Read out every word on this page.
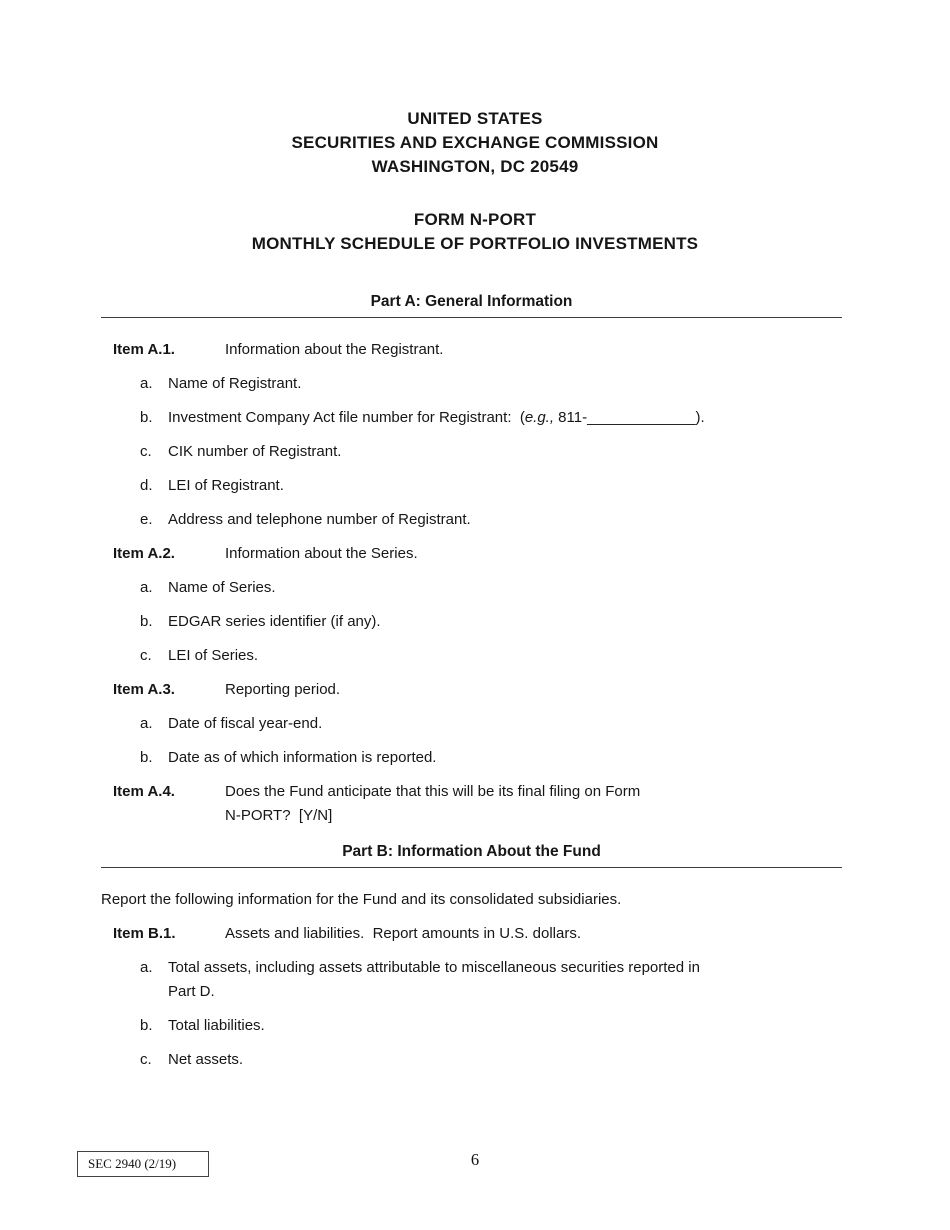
UNITED STATES
SECURITIES AND EXCHANGE COMMISSION
WASHINGTON, DC 20549
FORM N-PORT
MONTHLY SCHEDULE OF PORTFOLIO INVESTMENTS
Part A: General Information
Item A.1.	Information about the Registrant.
a.	Name of Registrant.
b.	Investment Company Act file number for Registrant:  (e.g., 811-_____________).
c.	CIK number of Registrant.
d.	LEI of Registrant.
e.	Address and telephone number of Registrant.
Item A.2.	Information about the Series.
a.	Name of Series.
b.	EDGAR series identifier (if any).
c.	LEI of Series.
Item A.3.	Reporting period.
a.	Date of fiscal year-end.
b.	Date as of which information is reported.
Item A.4.	Does the Fund anticipate that this will be its final filing on Form
N-PORT?  [Y/N]
Part B: Information About the Fund

Report the following information for the Fund and its consolidated subsidiaries.

Item B.1.	Assets and liabilities.  Report amounts in U.S. dollars.
a.	Total assets, including assets attributable to miscellaneous securities reported in
Part D.
b.	Total liabilities.
c.	Net assets.
SEC 2940 (2/19)	6
